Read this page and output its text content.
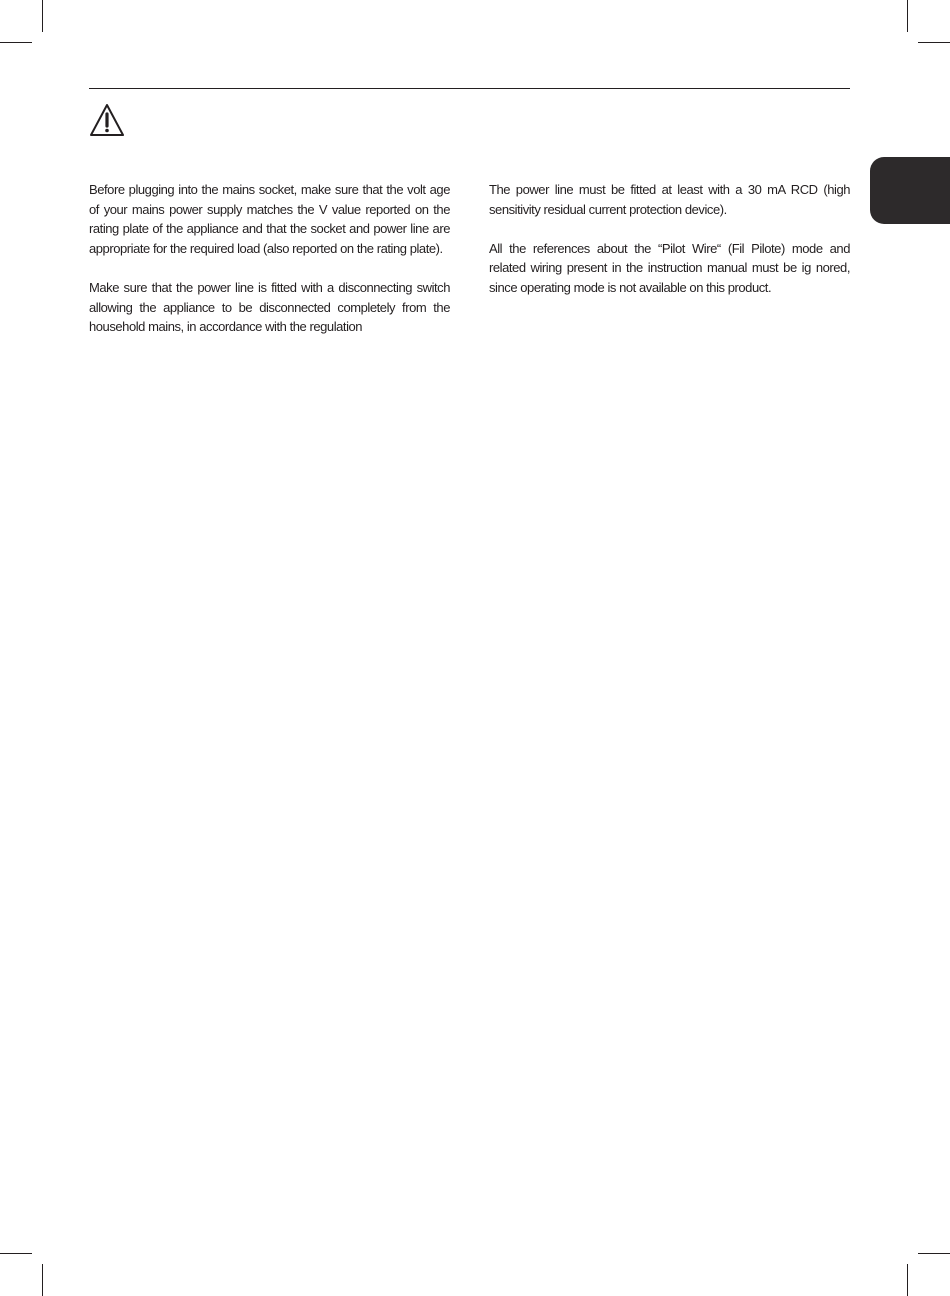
Before plugging into the mains socket, make sure that the volt age of your mains power supply matches the V value reported on the rating plate of the appliance and that the socket and power line are appropriate for the required load (also reported on the rating plate).

Make sure that the power line is fitted with a disconnecting switch allowing the appliance to be disconnected completely from the household mains, in accordance with the regulation

The power line must be fitted at least with a 30 mA RCD (high sensitivity residual current protection device).

All the references about the “Pilot Wire“ (Fil Pilote) mode and related wiring present in the instruction manual must be ig nored, since operating mode is not available on this product.
